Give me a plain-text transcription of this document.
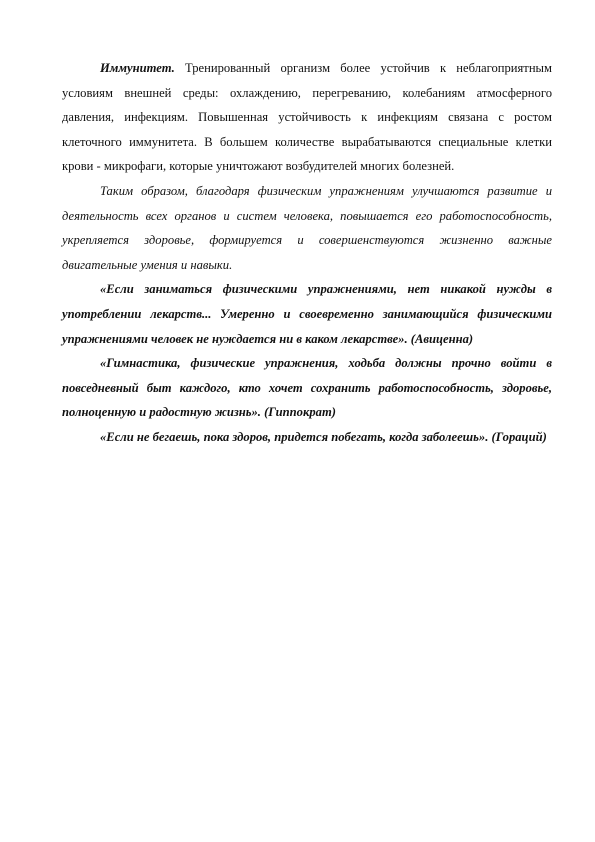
Иммунитет. Тренированный организм более устойчив к неблагоприятным условиям внешней среды: охлаждению, перегреванию, колебаниям атмосферного давления, инфекциям. Повышенная устойчивость к инфекциям связана с ростом клеточного иммунитета. В большем количестве вырабатываются специальные клетки крови - микрофаги, которые уничтожают возбудителей многих болезней.

Таким образом, благодаря физическим упражнениям улучшаются развитие и деятельность всех органов и систем человека, повышается его работоспособность, укрепляется здоровье, формируется и совершенствуются жизненно важные двигательные умения и навыки.

«Если заниматься физическими упражнениями, нет никакой нужды в употреблении лекарств... Умеренно и своевременно занимающийся физическими упражнениями человек не нуждается ни в каком лекарстве». (Авиценна)

«Гимнастика, физические упражнения, ходьба должны прочно войти в повседневный быт каждого, кто хочет сохранить работоспособность, здоровье, полноценную и радостную жизнь». (Гиппократ)

«Если не бегаешь, пока здоров, придется побегать, когда заболеешь». (Гораций)
